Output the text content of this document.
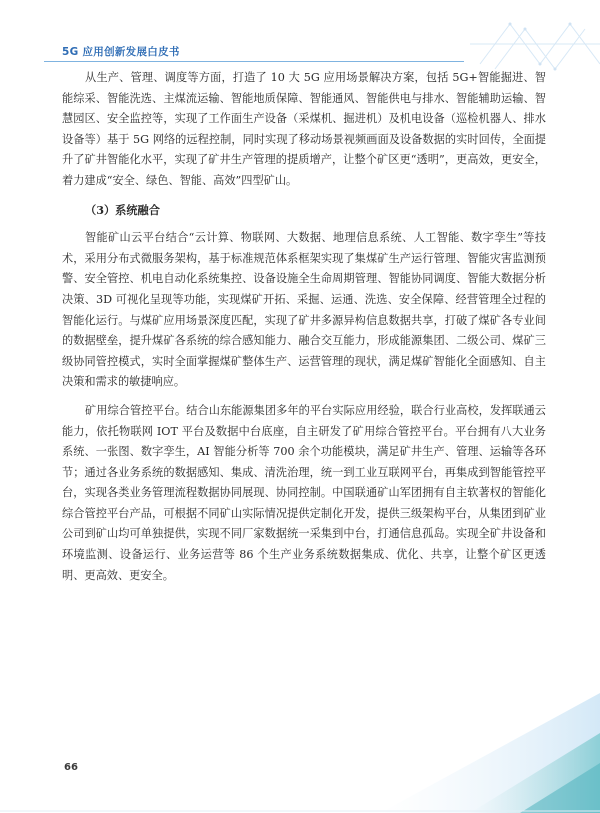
5G 应用创新发展白皮书

从生产、管理、调度等方面，打造了 10 大 5G 应用场景解决方案，包括 5G+智能掘进、智能综采、智能洗选、主煤流运输、智能地质保障、智能通风、智能供电与排水、智能辅助运输、智慧园区、安全监控等，实现了工作面生产设备（采煤机、掘进机）及机电设备（巡检机器人、排水设备等）基于 5G 网络的远程控制，同时实现了移动场景视频画面及设备数据的实时回传，全面提升了矿井智能化水平，实现了矿井生产管理的提质增产，让整个矿区更“透明”，更高效，更安全，着力建成“安全、绿色、智能、高效”四型矿山。

（3）系统融合

智能矿山云平台结合“云计算、物联网、大数据、地理信息系统、人工智能、数字孪生”等技术，采用分布式微服务架构，基于标准规范体系框架实现了集煤矿生产运行管理、智能灾害监测预警、安全管控、机电自动化系统集控、设备设施全生命周期管理、智能协同调度、智能大数据分析决策、3D 可视化呈现等功能，实现煤矿开拓、采掘、运通、洗选、安全保障、经营管理全过程的智能化运行。与煤矿应用场景深度匹配，实现了矿井多源异构信息数据共享，打破了煤矿各专业间的数据壁垒，提升煤矿各系统的综合感知能力、融合交互能力，形成能源集团、二级公司、煤矿三级协同管控模式，实时全面掌握煤矿整体生产、运营管理的现状，满足煤矿智能化全面感知、自主决策和需求的敏捷响应。

矿用综合管控平台。结合山东能源集团多年的平台实际应用经验，联合行业高校，发挥联通云能力，依托物联网 IOT 平台及数据中台底座，自主研发了矿用综合管控平台。平台拥有八大业务系统、一张图、数字孪生，AI 智能分析等 700 余个功能模块，满足矿井生产、管理、运输等各环节；通过各业务系统的数据感知、集成、清洗治理，统一到工业互联网平台，再集成到智能管控平台，实现各类业务管理流程数据协同展现、协同控制。中国联通矿山军团拥有自主软著权的智能化综合管控平台产品，可根据不同矿山实际情况提供定制化开发，提供三级架构平台，从集团到矿业公司到矿山均可单独提供，实现不同厂家数据统一采集到中台，打通信息孤岛。实现全矿井设备和环境监测、设备运行、业务运营等 86 个生产业务系统数据集成、优化、共享，让整个矿区更透明、更高效、更安全。

66
